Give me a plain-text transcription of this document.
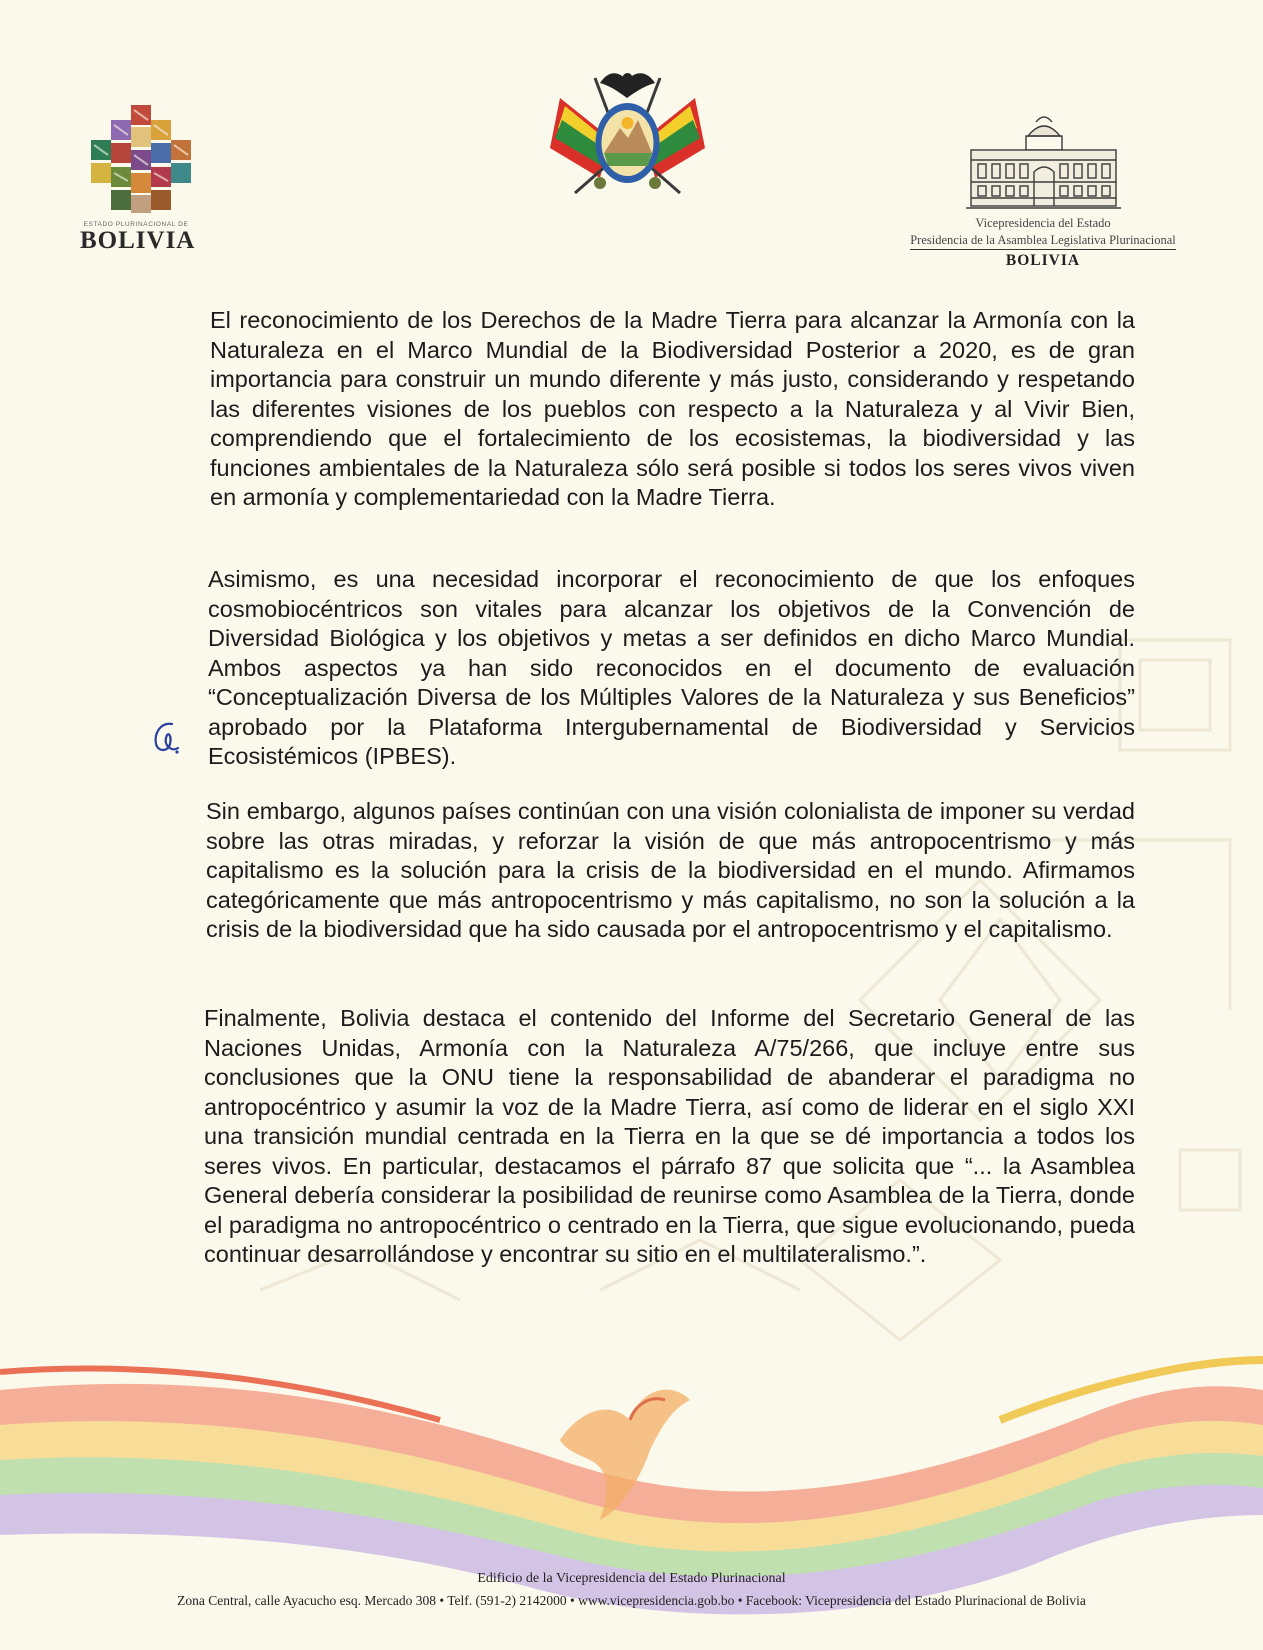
ESTADO PLURINACIONAL DE
BOLIVIA
Vicepresidencia del Estado
Presidencia de la Asamblea Legislativa Plurinacional
BOLIVIA

El reconocimiento de los Derechos de la Madre Tierra para alcanzar la Armonía con la Naturaleza en el Marco Mundial de la Biodiversidad Posterior a 2020, es de gran importancia para construir un mundo diferente y más justo, considerando y respetando las diferentes visiones de los pueblos con respecto a la Naturaleza y al Vivir Bien, comprendiendo que el fortalecimiento de los ecosistemas, la biodiversidad y las funciones ambientales de la Naturaleza sólo será posible si todos los seres vivos viven en armonía y complementariedad con la Madre Tierra.

Asimismo, es una necesidad incorporar el reconocimiento de que los enfoques cosmobiocéntricos son vitales para alcanzar los objetivos de la Convención de Diversidad Biológica y los objetivos y metas a ser definidos en dicho Marco Mundial. Ambos aspectos ya han sido reconocidos en el documento de evaluación “Conceptualización Diversa de los Múltiples Valores de la Naturaleza y sus Beneficios” aprobado por la Plataforma Intergubernamental de Biodiversidad y Servicios Ecosistémicos (IPBES).

Sin embargo, algunos países continúan con una visión colonialista de imponer su verdad sobre las otras miradas, y reforzar la visión de que más antropocentrismo y más capitalismo es la solución para la crisis de la biodiversidad en el mundo. Afirmamos categóricamente que más antropocentrismo y más capitalismo, no son la solución a la crisis de la biodiversidad que ha sido causada por el antropocentrismo y el capitalismo.

Finalmente, Bolivia destaca el contenido del Informe del Secretario General de las Naciones Unidas, Armonía con la Naturaleza A/75/266, que incluye entre sus conclusiones que la ONU tiene la responsabilidad de abanderar el paradigma no antropocéntrico y asumir la voz de la Madre Tierra, así como de liderar en el siglo XXI una transición mundial centrada en la Tierra en la que se dé importancia a todos los seres vivos. En particular, destacamos el párrafo 87 que solicita que “... la Asamblea General debería considerar la posibilidad de reunirse como Asamblea de la Tierra, donde el paradigma no antropocéntrico o centrado en la Tierra, que sigue evolucionando, pueda continuar desarrollándose y encontrar su sitio en el multilateralismo.”.

Edificio de la Vicepresidencia del Estado Plurinacional
Zona Central, calle Ayacucho esq. Mercado 308 • Telf. (591-2) 2142000 • www.vicepresidencia.gob.bo • Facebook: Vicepresidencia del Estado Plurinacional de Bolivia
